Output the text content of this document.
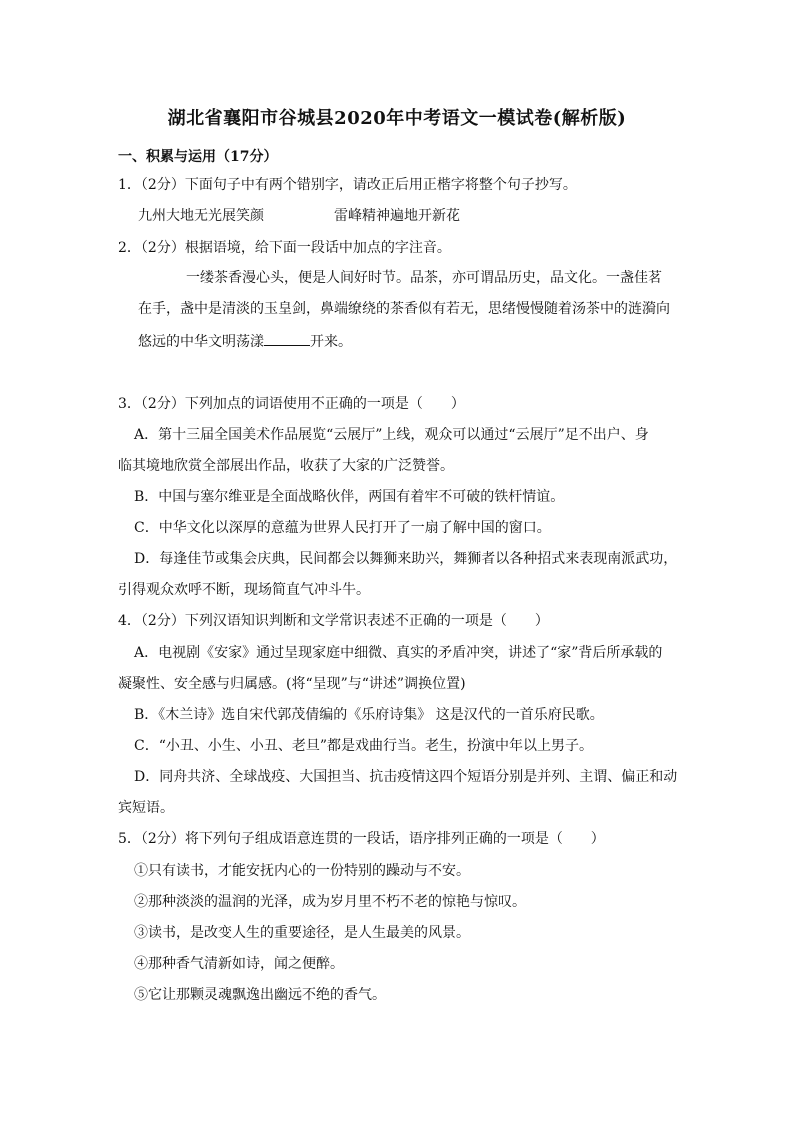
湖北省襄阳市谷城县2020年中考语文一模试卷(解析版)
一、积累与运用（17分）
1．（2分）下面句子中有两个错别字，请改正后用正楷字将整个句子抄写。
九州大地无光展笑颜	雷峰精神遍地开新花
2．（2分）根据语境，给下面一段话中加点的字注音。
一缕茶香漫心头，便是人间好时节。品茶，亦可谓品历史，品文化。一盏佳茗
在手，盏中是清淡的玉皇剑，鼻端缭绕的茶香似有若无，思绪慢慢随着汤茶中的涟漪向
悠远的中华文明荡漾	开来。
3．（2分）下列加点的词语使用不正确的一项是（　　）
A．第十三届全国美术作品展览“云展厅”上线，观众可以通过“云展厅”足不出户、身
临其境地欣赏全部展出作品，收获了大家的广泛赞誉。
B．中国与塞尔维亚是全面战略伙伴，两国有着牢不可破的铁杆情谊。
C．中华文化以深厚的意蕴为世界人民打开了一扇了解中国的窗口。
D．每逢佳节或集会庆典，民间都会以舞狮来助兴，舞狮者以各种招式来表现南派武功，
引得观众欢呼不断，现场简直气冲斗牛。
4．（2分）下列汉语知识判断和文学常识表述不正确的一项是（　　）
A．电视剧《安家》通过呈现家庭中细微、真实的矛盾冲突，讲述了“家”背后所承载的
凝聚性、安全感与归属感。(将“呈现”与“讲述”调换位置)
B．《木兰诗》选自宋代郭茂倩编的《乐府诗集》 这是汉代的一首乐府民歌。
C．“小丑、小生、小丑、老旦”都是戏曲行当。老生，扮演中年以上男子。
D．同舟共济、全球战疫、大国担当、抗击疫情这四个短语分别是并列、主谓、偏正和动
宾短语。
5．（2分）将下列句子组成语意连贯的一段话，语序排列正确的一项是（　　）
①只有读书，才能安抚内心的一份特别的躁动与不安。
②那种淡淡的温润的光泽，成为岁月里不朽不老的惊艳与惊叹。
③读书，是改变人生的重要途径，是人生最美的风景。
④那种香气清新如诗，闻之便醉。
⑤它让那颗灵魂飘逸出幽远不绝的香气。
